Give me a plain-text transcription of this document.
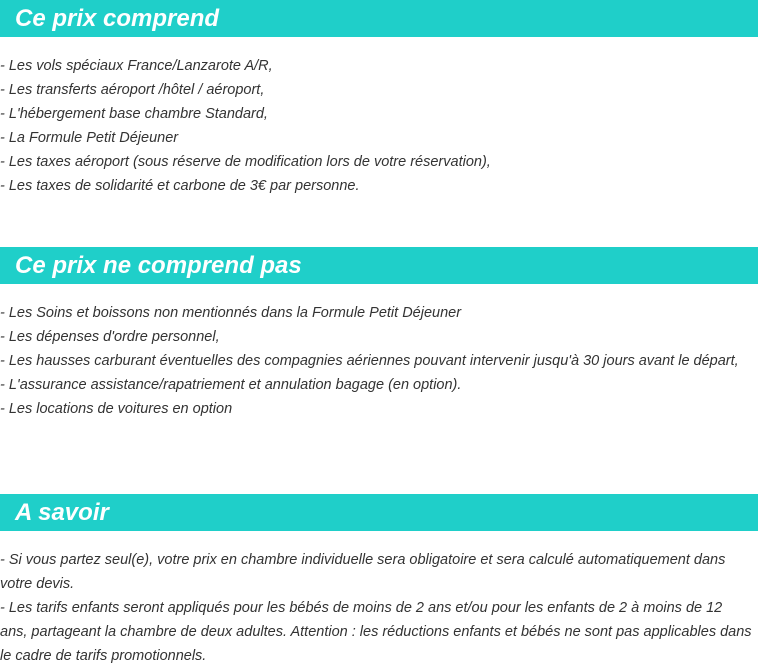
Ce prix comprend
- Les vols spéciaux France/Lanzarote A/R,
- Les transferts aéroport /hôtel / aéroport,
- L'hébergement base chambre Standard,
- La Formule Petit Déjeuner
- Les taxes aéroport (sous réserve de modification lors de votre réservation),
- Les taxes de solidarité et carbone de 3€ par personne.
Ce prix ne comprend pas
- Les Soins et boissons non mentionnés dans la Formule Petit Déjeuner
- Les dépenses d'ordre personnel,
- Les hausses carburant éventuelles des compagnies aériennes pouvant intervenir jusqu'à 30 jours avant le départ,
- L'assurance assistance/rapatriement et annulation bagage (en option).
- Les locations de voitures en option
A savoir
- Si vous partez seul(e), votre prix en chambre individuelle sera obligatoire et sera calculé automatiquement dans votre devis.
- Les tarifs enfants seront appliqués pour les bébés de moins de 2 ans et/ou pour les enfants de 2 à moins de 12 ans, partageant la chambre de deux adultes. Attention : les réductions enfants et bébés ne sont pas applicables dans le cadre de tarifs promotionnels.
